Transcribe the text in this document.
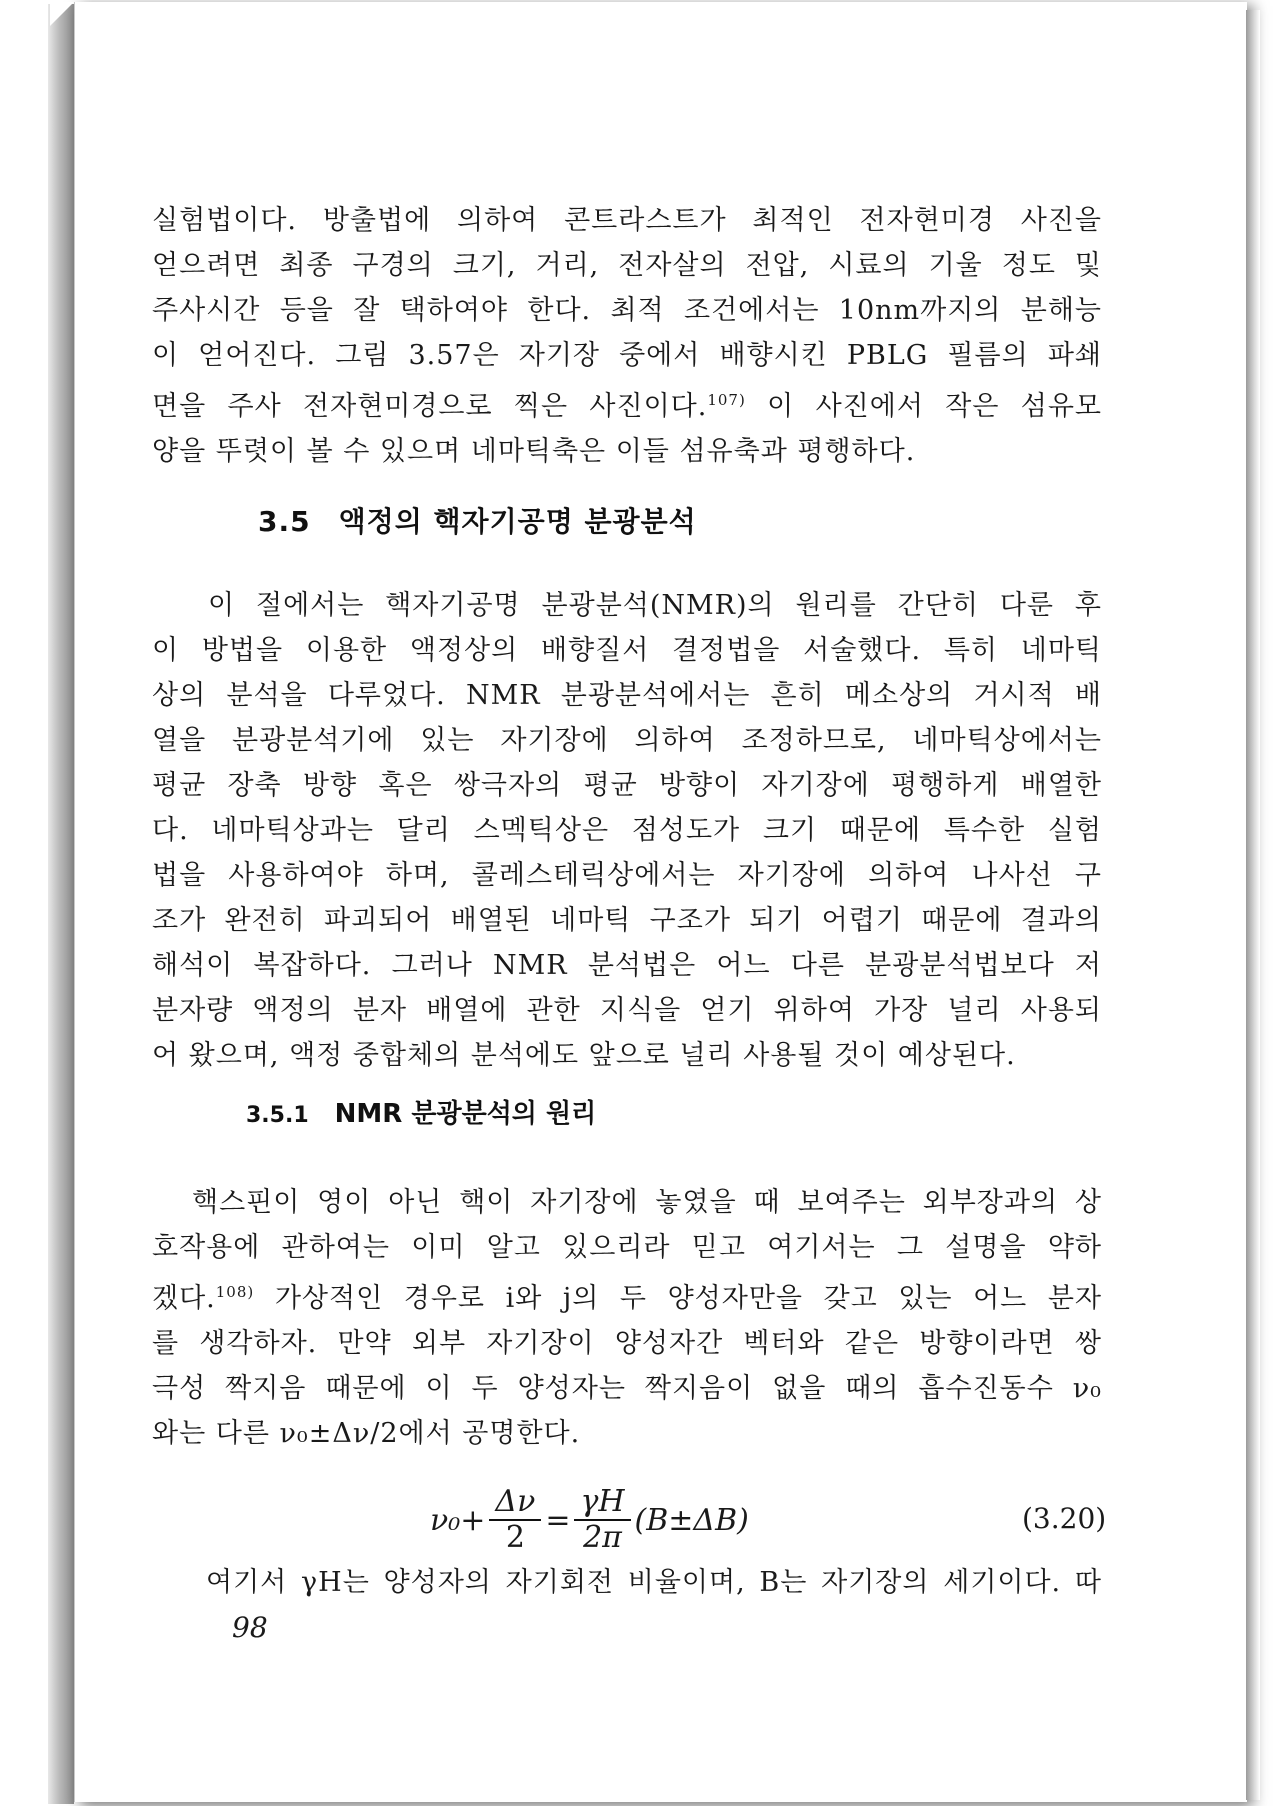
실험법이다. 방출법에 의하여 콘트라스트가 최적인 전자현미경 사진을

얻으려면 최종 구경의 크기, 거리, 전자살의 전압, 시료의 기울 정도 및

주사시간 등을 잘 택하여야 한다. 최적 조건에서는 10nm까지의 분해능

이 얻어진다. 그림 3.57은 자기장 중에서 배향시킨 PBLG 필름의 파쇄

면을 주사 전자현미경으로 찍은 사진이다.$^{107)}$ 이 사진에서 작은 섬유모

양을 뚜렷이 볼 수 있으며 네마틱축은 이들 섬유축과 평행하다.

3.5 액정의 핵자기공명 분광분석

이 절에서는 핵자기공명 분광분석(NMR)의 원리를 간단히 다룬 후

이 방법을 이용한 액정상의 배향질서 결정법을 서술했다. 특히 네마틱

상의 분석을 다루었다. NMR 분광분석에서는 흔히 메소상의 거시적 배

열을 분광분석기에 있는 자기장에 의하여 조정하므로, 네마틱상에서는

평균 장축 방향 혹은 쌍극자의 평균 방향이 자기장에 평행하게 배열한

다. 네마틱상과는 달리 스멕틱상은 점성도가 크기 때문에 특수한 실험

법을 사용하여야 하며, 콜레스테릭상에서는 자기장에 의하여 나사선 구

조가 완전히 파괴되어 배열된 네마틱 구조가 되기 어렵기 때문에 결과의

해석이 복잡하다. 그러나 NMR 분석법은 어느 다른 분광분석법보다 저

분자량 액정의 분자 배열에 관한 지식을 얻기 위하여 가장 널리 사용되

어 왔으며, 액정 중합체의 분석에도 앞으로 널리 사용될 것이 예상된다.

3.5.1 NMR 분광분석의 원리

핵스핀이 영이 아닌 핵이 자기장에 놓였을 때 보여주는 외부장과의 상

호작용에 관하여는 이미 알고 있으리라 믿고 여기서는 그 설명을 약하

겠다.$^{108)}$ 가상적인 경우로 i와 j의 두 양성자만을 갖고 있는 어느 분자

를 생각하자. 만약 외부 자기장이 양성자간 벡터와 같은 방향이라면 쌍

극성 짝지음 때문에 이 두 양성자는 짝지음이 없을 때의 흡수진동수 ν₀

와는 다른 ν₀±Δν/2에서 공명한다.

$\nu_0+ \frac{\Delta\nu}{2} = \frac{\gamma H}{2\pi} (B\pm\Delta B)$	(3.20)
여기서 γH는 양성자의 자기회전 비율이며, B는 자기장의 세기이다. 따
98
